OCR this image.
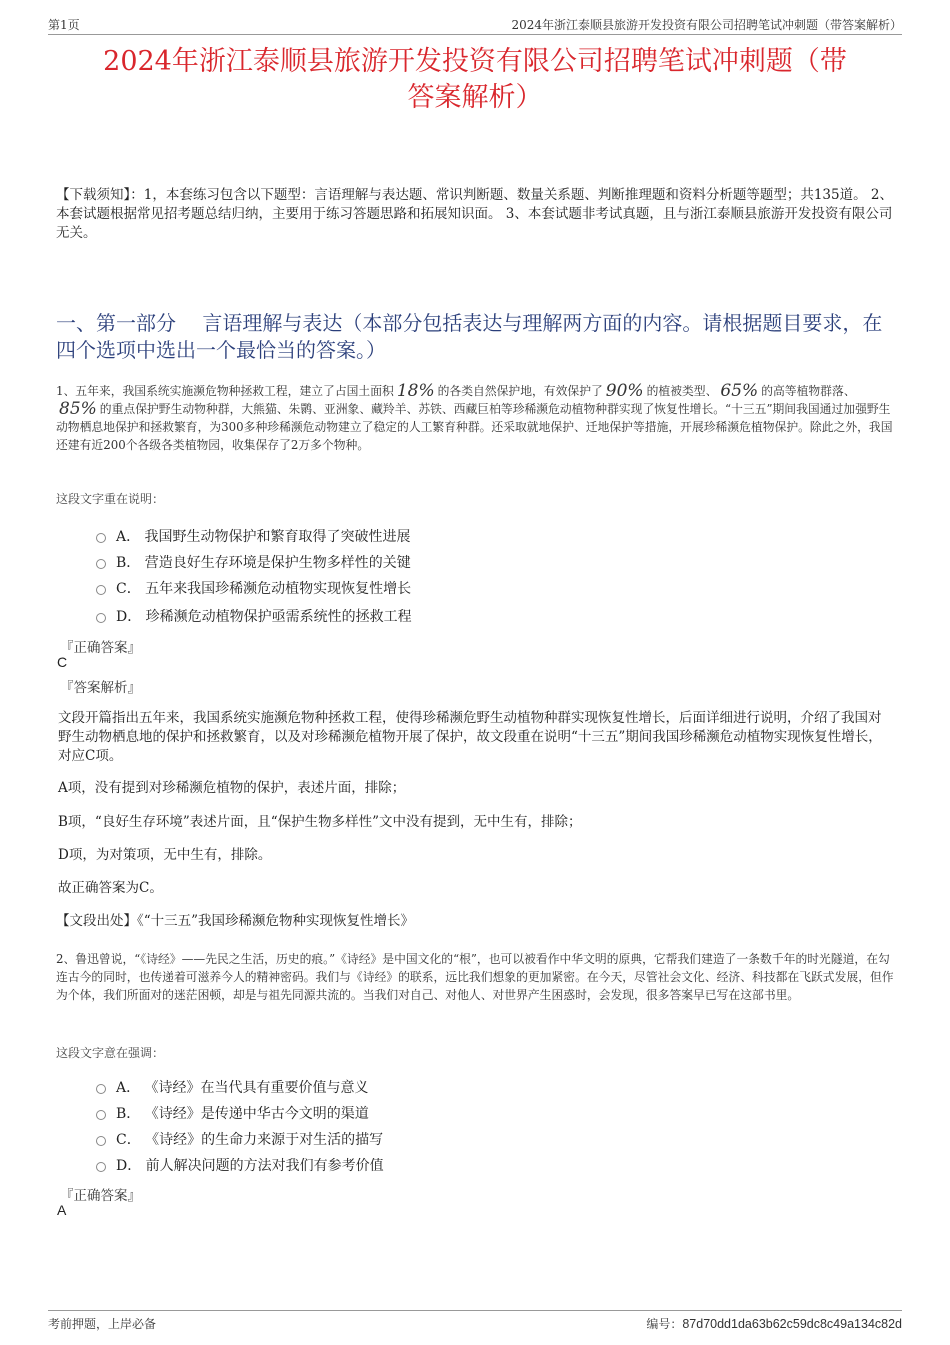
第1页	2024年浙江泰顺县旅游开发投资有限公司招聘笔试冲刺题（带答案解析）
2024年浙江泰顺县旅游开发投资有限公司招聘笔试冲刺题（带
答案解析）
【下载须知】：1，本套练习包含以下题型：言语理解与表达题、常识判断题、数量关系题、判断推理题和资料分析题等题型；共135道。 2、本套试题根据常见招考题总结归纳，主要用于练习答题思路和拓展知识面。 3、本套试题非考试真题，且与浙江泰顺县旅游开发投资有限公司无关。
一、第一部分　 言语理解与表达（本部分包括表达与理解两方面的内容。请根据题目要求，在四个选项中选出一个最恰当的答案。）
1、五年来，我国系统实施濒危物种拯救工程，建立了占国土面积 18% 的各类自然保护地，有效保护了 90% 的植被类型、 65% 的高等植物群落、85% 的重点保护野生动物种群，大熊猫、朱鹮、亚洲象、藏羚羊、苏铁、西藏巨柏等珍稀濒危动植物种群实现了恢复性增长。“十三五”期间我国通过加强野生动物栖息地保护和拯救繁育，为300多种珍稀濒危动物建立了稳定的人工繁育种群。还采取就地保护、迁地保护等措施，开展珍稀濒危植物保护。除此之外，我国还建有近200个各级各类植物园，收集保存了2万多个物种。
这段文字重在说明：
A． 我国野生动物保护和繁育取得了突破性进展
B． 营造良好生存环境是保护生物多样性的关键
C． 五年来我国珍稀濒危动植物实现恢复性增长
D． 珍稀濒危动植物保护亟需系统性的拯救工程
『正确答案』
C
『答案解析』
文段开篇指出五年来，我国系统实施濒危物种拯救工程，使得珍稀濒危野生动植物种群实现恢复性增长，后面详细进行说明，介绍了我国对野生动物栖息地的保护和拯救繁育，以及对珍稀濒危植物开展了保护，故文段重在说明“十三五”期间我国珍稀濒危动植物实现恢复性增长，对应C项。
A项，没有提到对珍稀濒危植物的保护，表述片面，排除；
B项，“良好生存环境”表述片面，且“保护生物多样性”文中没有提到，无中生有，排除；
D项，为对策项，无中生有，排除。
故正确答案为C。
【文段出处】《“十三五”我国珍稀濒危物种实现恢复性增长》
2、鲁迅曾说，“《诗经》——先民之生活，历史的痕。”《诗经》是中国文化的“根”，也可以被看作中华文明的原典，它帮我们建造了一条数千年的时光隧道，在勾连古今的同时，也传递着可滋养今人的精神密码。我们与《诗经》的联系，远比我们想象的更加紧密。在今天，尽管社会文化、经济、科技都在飞跃式发展，但作为个体，我们所面对的迷茫困顿，却是与祖先同源共流的。当我们对自己、对他人、对世界产生困惑时，会发现，很多答案早已写在这部书里。
这段文字意在强调：
A． 《诗经》在当代具有重要价值与意义
B． 《诗经》是传递中华古今文明的渠道
C． 《诗经》的生命力来源于对生活的描写
D． 前人解决问题的方法对我们有参考价值
『正确答案』
A
考前押题，上岸必备	编号：87d70dd1da63b62c59dc8c49a134c82d
